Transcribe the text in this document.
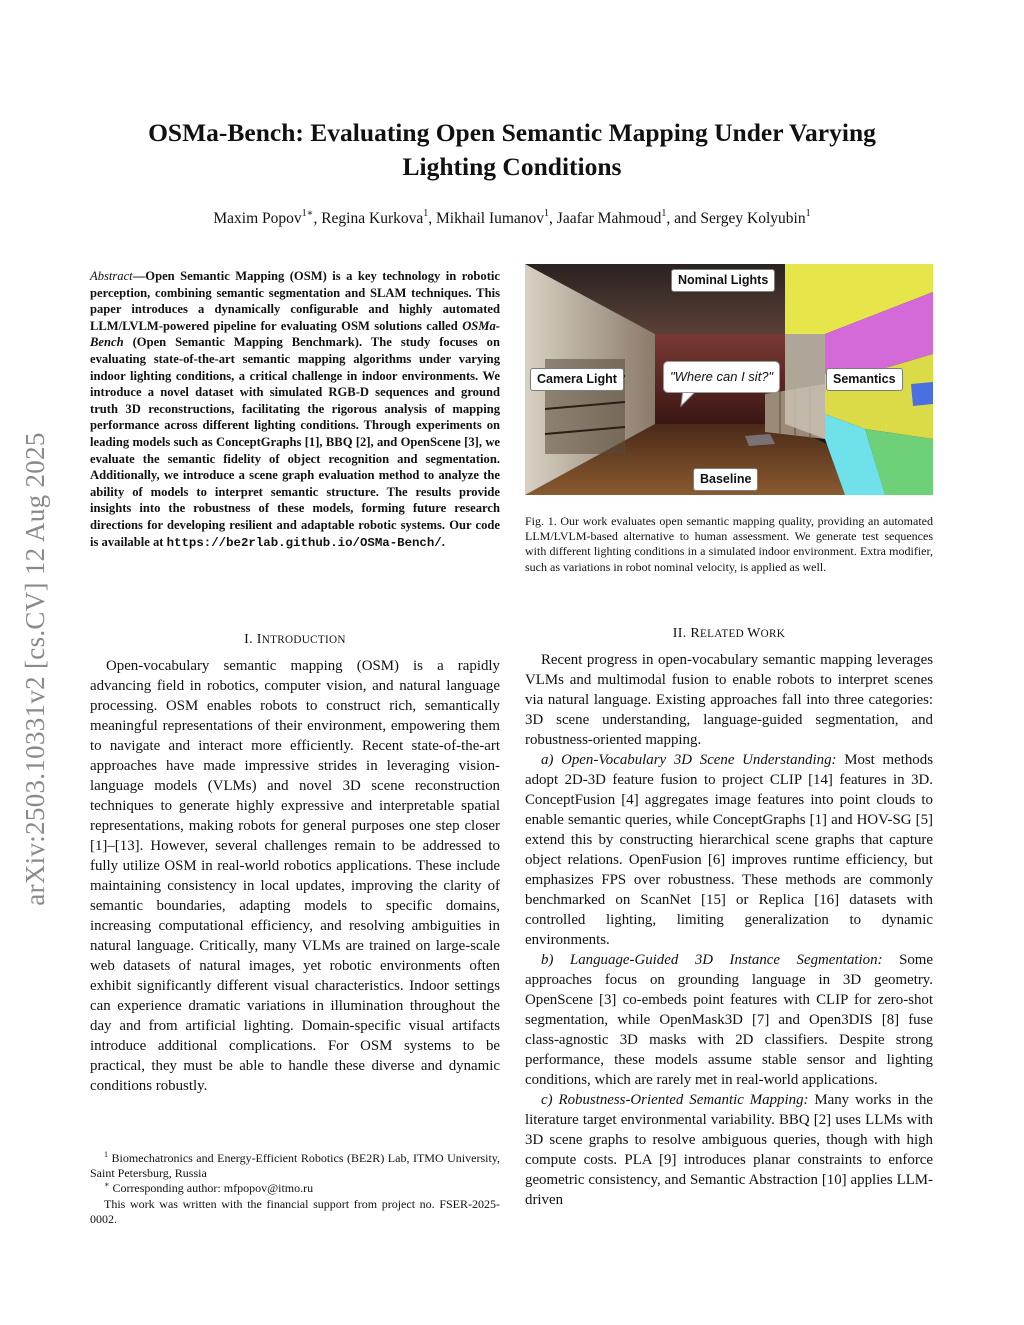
arXiv:2503.10331v2 [cs.CV] 12 Aug 2025
OSMa-Bench: Evaluating Open Semantic Mapping Under Varying
Lighting Conditions
Maxim Popov$^{1∗}$, Regina Kurkova$^1$, Mikhail Iumanov$^1$, Jaafar Mahmoud$^1$, and Sergey Kolyubin$^1$
Abstract—Open Semantic Mapping (OSM) is a key technology in robotic perception, combining semantic segmentation and SLAM techniques. This paper introduces a dynamically configurable and highly automated LLM/LVLM-powered pipeline for evaluating OSM solutions called OSMa-Bench (Open Semantic Mapping Benchmark). The study focuses on evaluating state-of-the-art semantic mapping algorithms under varying indoor lighting conditions, a critical challenge in indoor environments. We introduce a novel dataset with simulated RGB-D sequences and ground truth 3D reconstructions, facilitating the rigorous analysis of mapping performance across different lighting conditions. Through experiments on leading models such as ConceptGraphs [1], BBQ [2], and OpenScene [3], we evaluate the semantic fidelity of object recognition and segmentation. Additionally, we introduce a scene graph evaluation method to analyze the ability of models to interpret semantic structure. The results provide insights into the robustness of these models, forming future research directions for developing resilient and adaptable robotic systems. Our code is available at https://be2rlab.github.io/OSMa-Bench/.
I. INTRODUCTION

Open-vocabulary semantic mapping (OSM) is a rapidly advancing field in robotics, computer vision, and natural language processing. OSM enables robots to construct rich, semantically meaningful representations of their environment, empowering them to navigate and interact more efficiently. Recent state-of-the-art approaches have made impressive strides in leveraging vision-language models (VLMs) and novel 3D scene reconstruction techniques to generate highly expressive and interpretable spatial representations, making robots for general purposes one step closer [1]–[13]. However, several challenges remain to be addressed to fully utilize OSM in real-world robotics applications. These include maintaining consistency in local updates, improving the clarity of semantic boundaries, adapting models to specific domains, increasing computational efficiency, and resolving ambiguities in natural language. Critically, many VLMs are trained on large-scale web datasets of natural images, yet robotic environments often exhibit significantly different visual characteristics. Indoor settings can experience dramatic variations in illumination throughout the day and from artificial lighting. Domain-specific visual artifacts introduce additional complications. For OSM systems to be practical, they must be able to handle these diverse and dynamic conditions robustly.

$^1$ Biomechatronics and Energy-Efficient Robotics (BE2R) Lab, ITMO University, Saint Petersburg, Russia
∗ Corresponding author: mfpopov@itmo.ru
This work was written with the financial support from project no. FSER-2025-0002.
Nominal Lights
Camera Light	Semantics
Baseline
"Where can I sit?"
Fig. 1. Our work evaluates open semantic mapping quality, providing an automated LLM/LVLM-based alternative to human assessment. We generate test sequences with different lighting conditions in a simulated indoor environment. Extra modifier, such as variations in robot nominal velocity, is applied as well.
II. RELATED WORK

Recent progress in open-vocabulary semantic mapping leverages VLMs and multimodal fusion to enable robots to interpret scenes via natural language. Existing approaches fall into three categories: 3D scene understanding, language-guided segmentation, and robustness-oriented mapping.

a) Open-Vocabulary 3D Scene Understanding: Most methods adopt 2D-3D feature fusion to project CLIP [14] features in 3D. ConceptFusion [4] aggregates image features into point clouds to enable semantic queries, while ConceptGraphs [1] and HOV-SG [5] extend this by constructing hierarchical scene graphs that capture object relations. OpenFusion [6] improves runtime efficiency, but emphasizes FPS over robustness. These methods are commonly benchmarked on ScanNet [15] or Replica [16] datasets with controlled lighting, limiting generalization to dynamic environments.

b) Language-Guided 3D Instance Segmentation: Some approaches focus on grounding language in 3D geometry. OpenScene [3] co-embeds point features with CLIP for zero-shot segmentation, while OpenMask3D [7] and Open3DIS [8] fuse class-agnostic 3D masks with 2D classifiers. Despite strong performance, these models assume stable sensor and lighting conditions, which are rarely met in real-world applications.

c) Robustness-Oriented Semantic Mapping: Many works in the literature target environmental variability. BBQ [2] uses LLMs with 3D scene graphs to resolve ambiguous queries, though with high compute costs. PLA [9] introduces planar constraints to enforce geometric consistency, and Semantic Abstraction [10] applies LLM-driven
